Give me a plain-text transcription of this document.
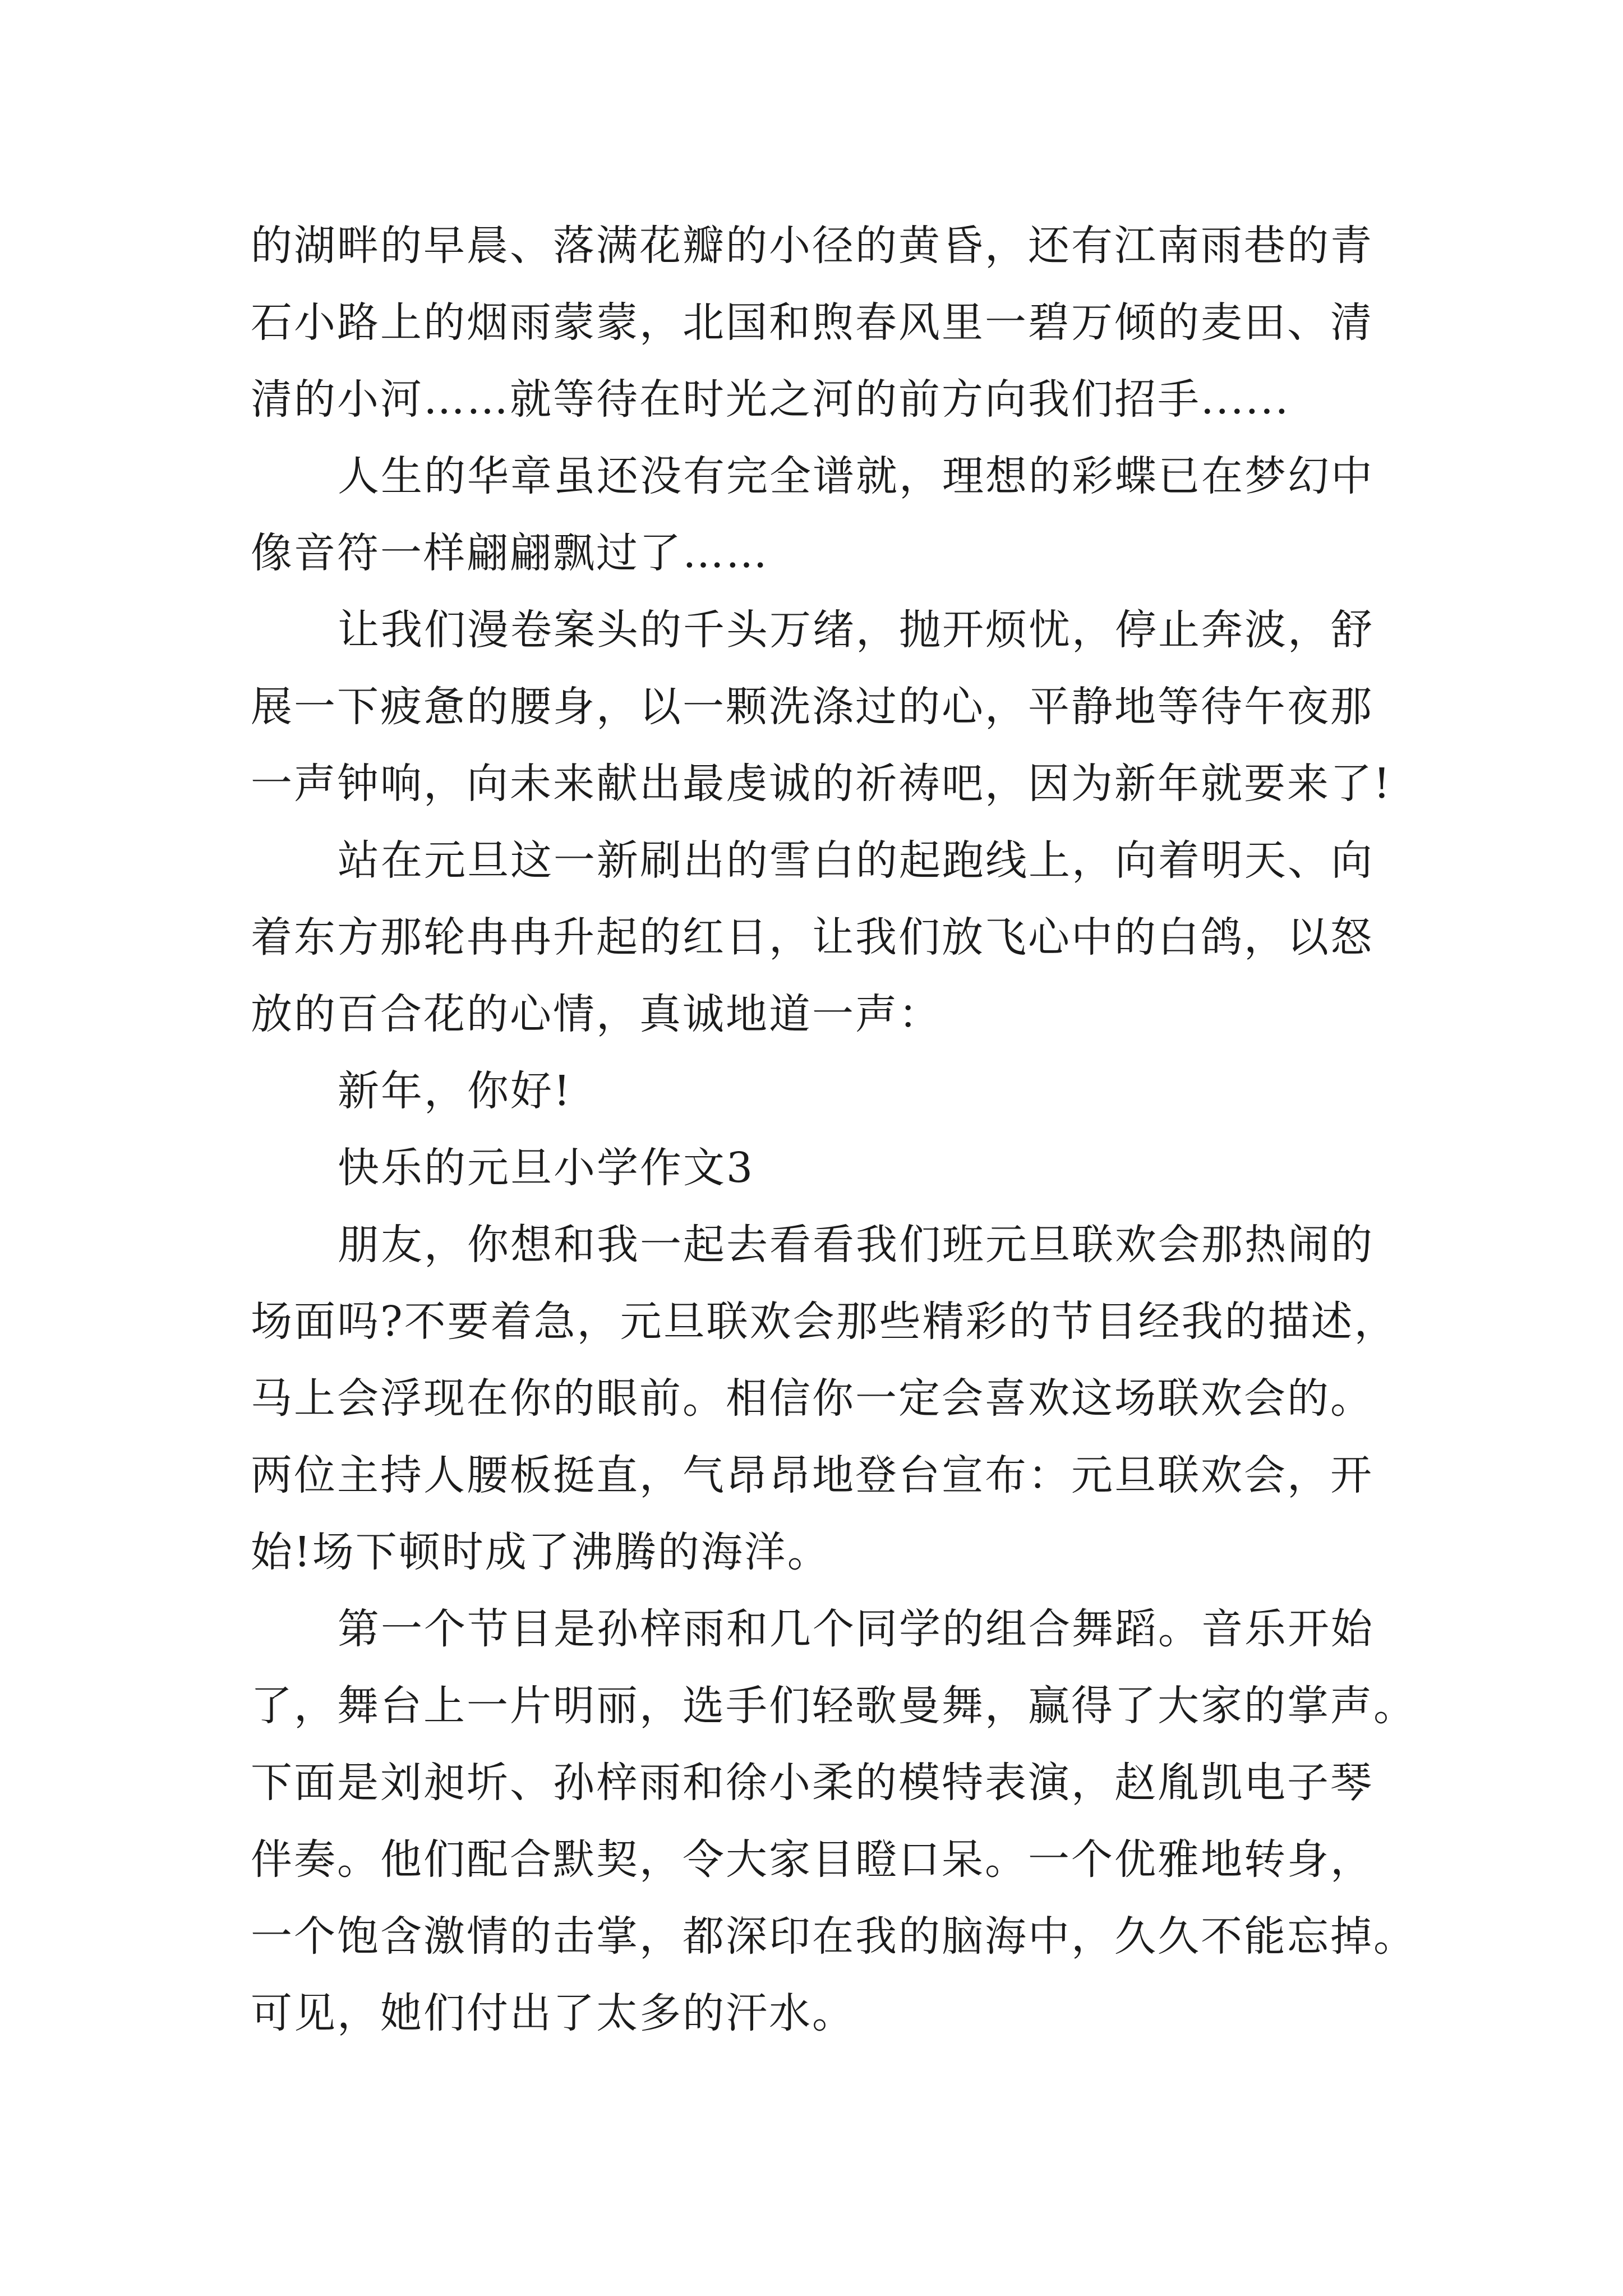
的湖畔的早晨、落满花瓣的小径的黄昏，还有江南雨巷的青
石小路上的烟雨蒙蒙，北国和煦春风里一碧万倾的麦田、清
清的小河……就等待在时光之河的前方向我们招手......
人生的华章虽还没有完全谱就，理想的彩蝶已在梦幻中
像音符一样翩翩飘过了……
让我们漫卷案头的千头万绪，抛开烦忧，停止奔波，舒
展一下疲惫的腰身，以一颗洗涤过的心，平静地等待午夜那
一声钟响，向未来献出最虔诚的祈祷吧，因为新年就要来了!
站在元旦这一新刷出的雪白的起跑线上，向着明天、向
着东方那轮冉冉升起的红日，让我们放飞心中的白鸽，以怒
放的百合花的心情，真诚地道一声：
新年，你好!
快乐的元旦小学作文3
朋友，你想和我一起去看看我们班元旦联欢会那热闹的
场面吗?不要着急，元旦联欢会那些精彩的节目经我的描述，
马上会浮现在你的眼前。相信你一定会喜欢这场联欢会的。
两位主持人腰板挺直，气昂昂地登台宣布：元旦联欢会，开
始!场下顿时成了沸腾的海洋。
第一个节目是孙梓雨和几个同学的组合舞蹈。音乐开始
了，舞台上一片明丽，选手们轻歌曼舞，赢得了大家的掌声。
下面是刘昶圻、孙梓雨和徐小柔的模特表演，赵胤凯电子琴
伴奏。他们配合默契，令大家目瞪口呆。一个优雅地转身，
一个饱含激情的击掌，都深印在我的脑海中，久久不能忘掉。
可见，她们付出了太多的汗水。
